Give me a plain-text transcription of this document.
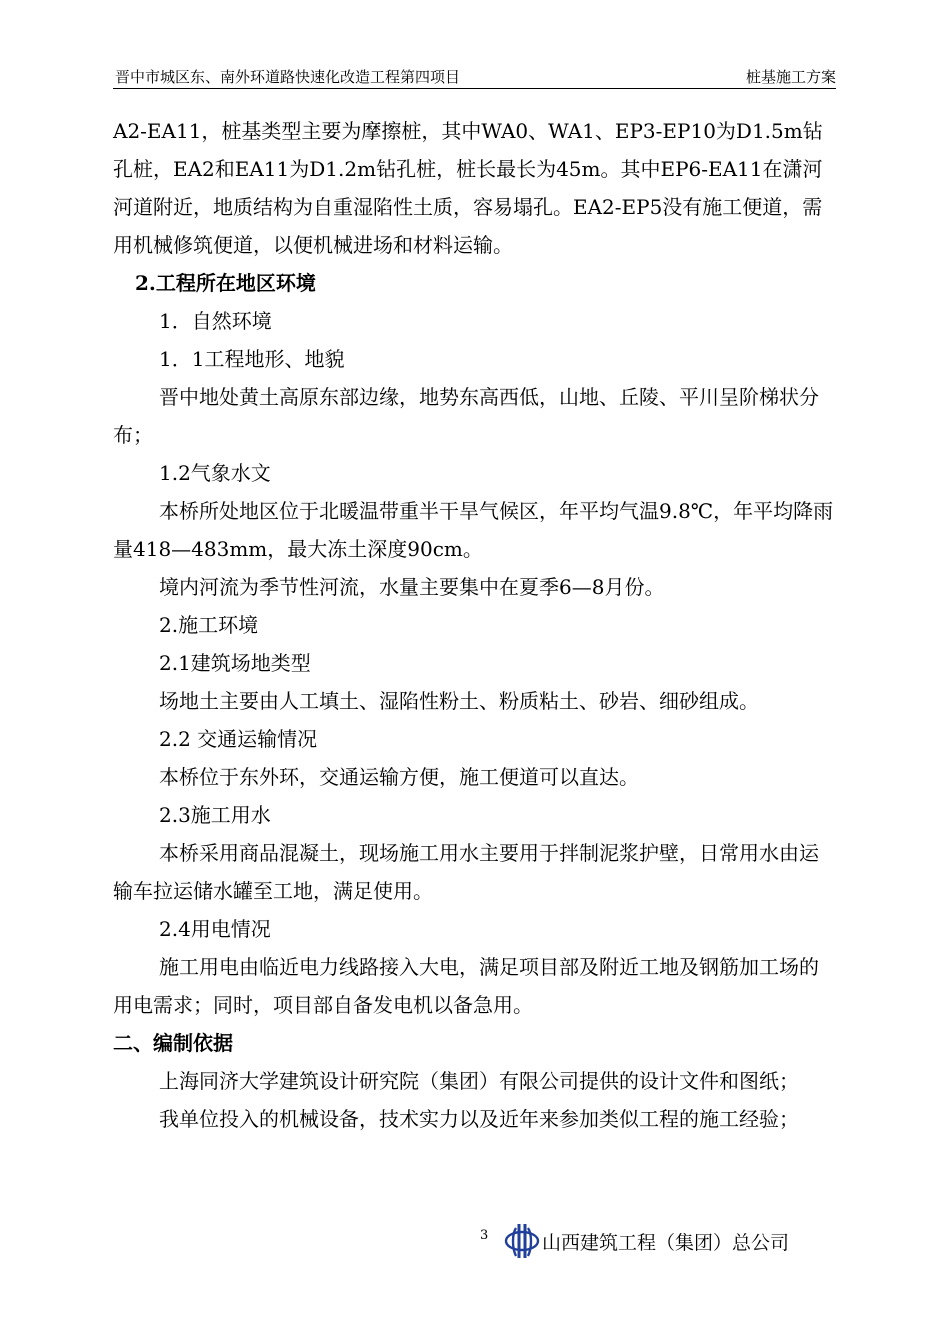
晋中市城区东、南外环道路快速化改造工程第四项目	桩基施工方案

A2-EA11，桩基类型主要为摩擦桩，其中WA0、WA1、EP3-EP10为D1.5m钻孔桩，EA2和EA11为D1.2m钻孔桩，桩长最长为45m。其中EP6-EA11在潇河河道附近，地质结构为自重湿陷性土质，容易塌孔。EA2-EP5没有施工便道，需用机械修筑便道，以便机械进场和材料运输。

2.工程所在地区环境

1．自然环境

1．1工程地形、地貌

晋中地处黄土高原东部边缘，地势东高西低，山地、丘陵、平川呈阶梯状分布；

1.2气象水文

本桥所处地区位于北暖温带重半干旱气候区，年平均气温9.8℃，年平均降雨量418—483mm，最大冻土深度90cm。

境内河流为季节性河流，水量主要集中在夏季6—8月份。

2.施工环境

2.1建筑场地类型

场地土主要由人工填土、湿陷性粉土、粉质粘土、砂岩、细砂组成。

2.2 交通运输情况

本桥位于东外环，交通运输方便，施工便道可以直达。

2.3施工用水

本桥采用商品混凝土，现场施工用水主要用于拌制泥浆护壁，日常用水由运输车拉运储水罐至工地，满足使用。

2.4用电情况

施工用电由临近电力线路接入大电，满足项目部及附近工地及钢筋加工场的用电需求；同时，项目部自备发电机以备急用。

二、编制依据

上海同济大学建筑设计研究院（集团）有限公司提供的设计文件和图纸；

我单位投入的机械设备，技术实力以及近年来参加类似工程的施工经验；

3	山西建筑工程（集团）总公司
